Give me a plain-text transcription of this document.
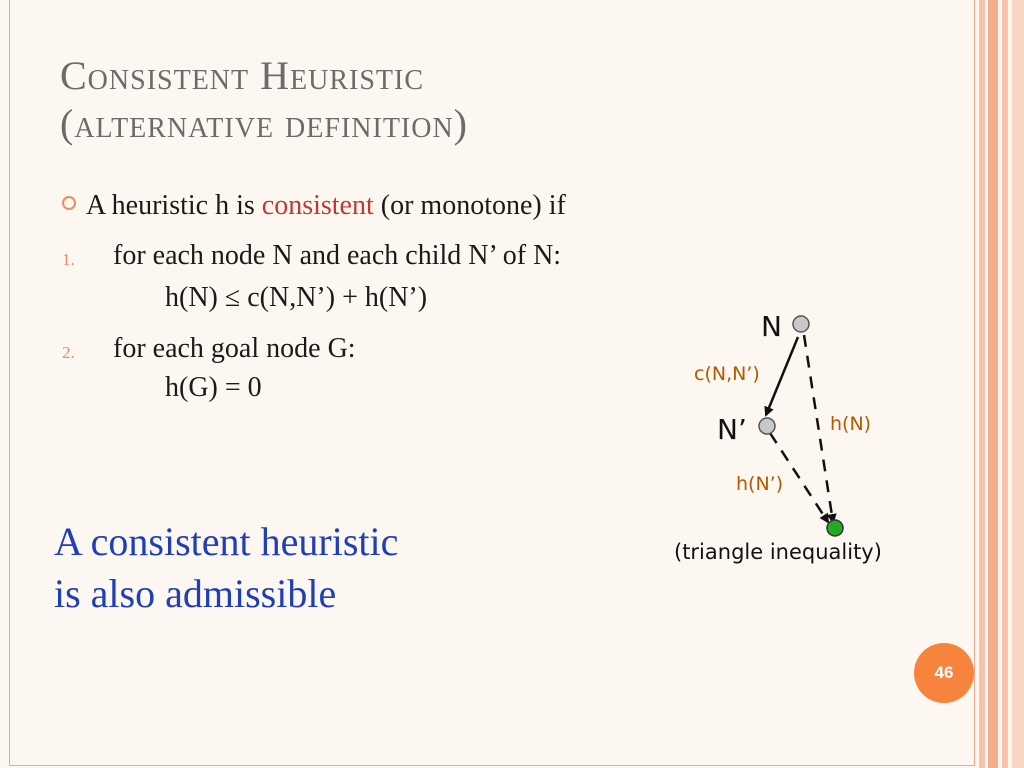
Consistent Heuristic
(alternative definition)
A heuristic h is consistent (or monotone) if
1. for each node N and each child N’ of N:
h(N) ≤ c(N,N’) + h(N’)
2. for each goal node G:
h(G) = 0
A consistent heuristic
is also admissible
N
N’
c(N,N’)
h(N)
h(N’)
(triangle inequality)
46
